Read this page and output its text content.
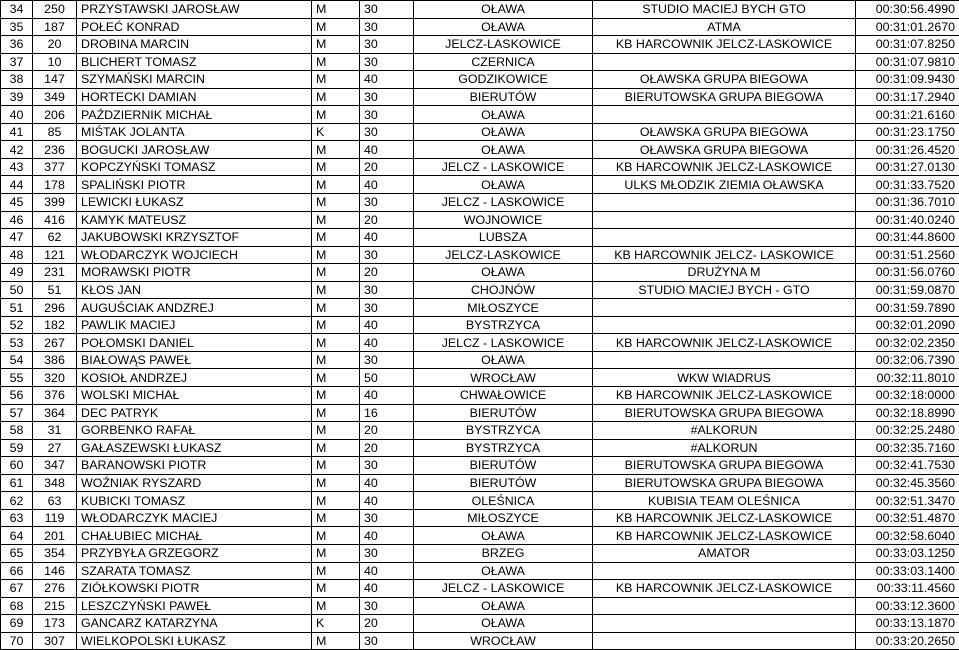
34	250	PRZYSTAWSKI JAROSŁAW	M	30	OŁAWA	STUDIO MACIEJ BYCH GTO	00:30:56.4990
35	187	POŁEĆ KONRAD	M	30	OŁAWA	ATMA	00:31:01.2670
36	20	DROBINA MARCIN	M	30	JELCZ-LASKOWICE	KB HARCOWNIK JELCZ-LASKOWICE	00:31:07.8250
37	10	BLICHERT TOMASZ	M	30	CZERNICA		00:31:07.9810
38	147	SZYMAŃSKI MARCIN	M	40	GODZIKOWICE	OŁAWSKA GRUPA BIEGOWA	00:31:09.9430
39	349	HORTECKI DAMIAN	M	30	BIERUTÓW	BIERUTOWSKA GRUPA BIEGOWA	00:31:17.2940
40	206	PAŹDZIERNIK MICHAŁ	M	30	OŁAWA		00:31:21.6160
41	85	MIŚTAK JOLANTA	K	30	OŁAWA	OŁAWSKA GRUPA BIEGOWA	00:31:23.1750
42	236	BOGUCKI JAROSŁAW	M	40	OŁAWA	OŁAWSKA GRUPA BIEGOWA	00:31:26.4520
43	377	KOPCZYŃSKI TOMASZ	M	20	JELCZ - LASKOWICE	KB HARCOWNIK JELCZ-LASKOWICE	00:31:27.0130
44	178	SPALIŃSKI PIOTR	M	40	OŁAWA	ULKS MŁODZIK ZIEMIA OŁAWSKA	00:31:33.7520
45	399	LEWICKI ŁUKASZ	M	30	JELCZ - LASKOWICE		00:31:36.7010
46	416	KAMYK MATEUSZ	M	20	WOJNOWICE		00:31:40.0240
47	62	JAKUBOWSKI KRZYSZTOF	M	40	LUBSZA		00:31:44.8600
48	121	WŁODARCZYK WOJCIECH	M	30	JELCZ-LASKOWICE	KB HARCOWNIK JELCZ- LASKOWICE	00:31:51.2560
49	231	MORAWSKI PIOTR	M	20	OŁAWA	DRUŻYNA M	00:31:56.0760
50	51	KŁOS JAN	M	30	CHOJNÓW	STUDIO MACIEJ BYCH - GTO	00:31:59.0870
51	296	AUGUŚCIAK ANDZREJ	M	30	MIŁOSZYCE		00:31:59.7890
52	182	PAWLIK MACIEJ	M	40	BYSTRZYCA		00:32:01.2090
53	267	POŁOMSKI DANIEL	M	40	JELCZ - LASKOWICE	KB HARCOWNIK JELCZ-LASKOWICE	00:32:02.2350
54	386	BIAŁOWĄS PAWEŁ	M	30	OŁAWA		00:32:06.7390
55	320	KOSIOŁ ANDRZEJ	M	50	WROCŁAW	WKW WIADRUS	00:32:11.8010
56	376	WOLSKI MICHAŁ	M	40	CHWAŁOWICE	KB HARCOWNIK JELCZ-LASKOWICE	00:32:18:0000
57	364	DEC PATRYK	M	16	BIERUTÓW	BIERUTOWSKA GRUPA BIEGOWA	00:32:18.8990
58	31	GORBENKO RAFAŁ	M	20	BYSTRZYCA	#ALKORUN	00:32:25.2480
59	27	GAŁASZEWSKI ŁUKASZ	M	20	BYSTRZYCA	#ALKORUN	00:32:35.7160
60	347	BARANOWSKI PIOTR	M	30	BIERUTÓW	BIERUTOWSKA GRUPA BIEGOWA	00:32:41.7530
61	348	WOŹNIAK RYSZARD	M	40	BIERUTÓW	BIERUTOWSKA GRUPA BIEGOWA	00:32:45.3560
62	63	KUBICKI TOMASZ	M	40	OLEŚNICA	KUBISIA TEAM OLEŚNICA	00:32:51.3470
63	119	WŁODARCZYK MACIEJ	M	30	MIŁOSZYCE	KB HARCOWNIK JELCZ-LASKOWICE	00:32:51.4870
64	201	CHAŁUBIEC MICHAŁ	M	40	OŁAWA	KB HARCOWNIK JELCZ-LASKOWICE	00:32:58.6040
65	354	PRZYBYŁA GRZEGORZ	M	30	BRZEG	AMATOR	00:33:03.1250
66	146	SZARATA TOMASZ	M	40	OŁAWA		00:33:03.1400
67	276	ZIÓŁKOWSKI PIOTR	M	40	JELCZ - LASKOWICE	KB HARCOWNIK JELCZ-LASKOWICE	00:33:11.4560
68	215	LESZCZYŃSKI PAWEŁ	M	30	OŁAWA		00:33:12.3600
69	173	GANCARZ KATARZYNA	K	20	OŁAWA		00:33:13.1870
70	307	WIELKOPOLSKI ŁUKASZ	M	30	WROCŁAW		00:33:20.2650
